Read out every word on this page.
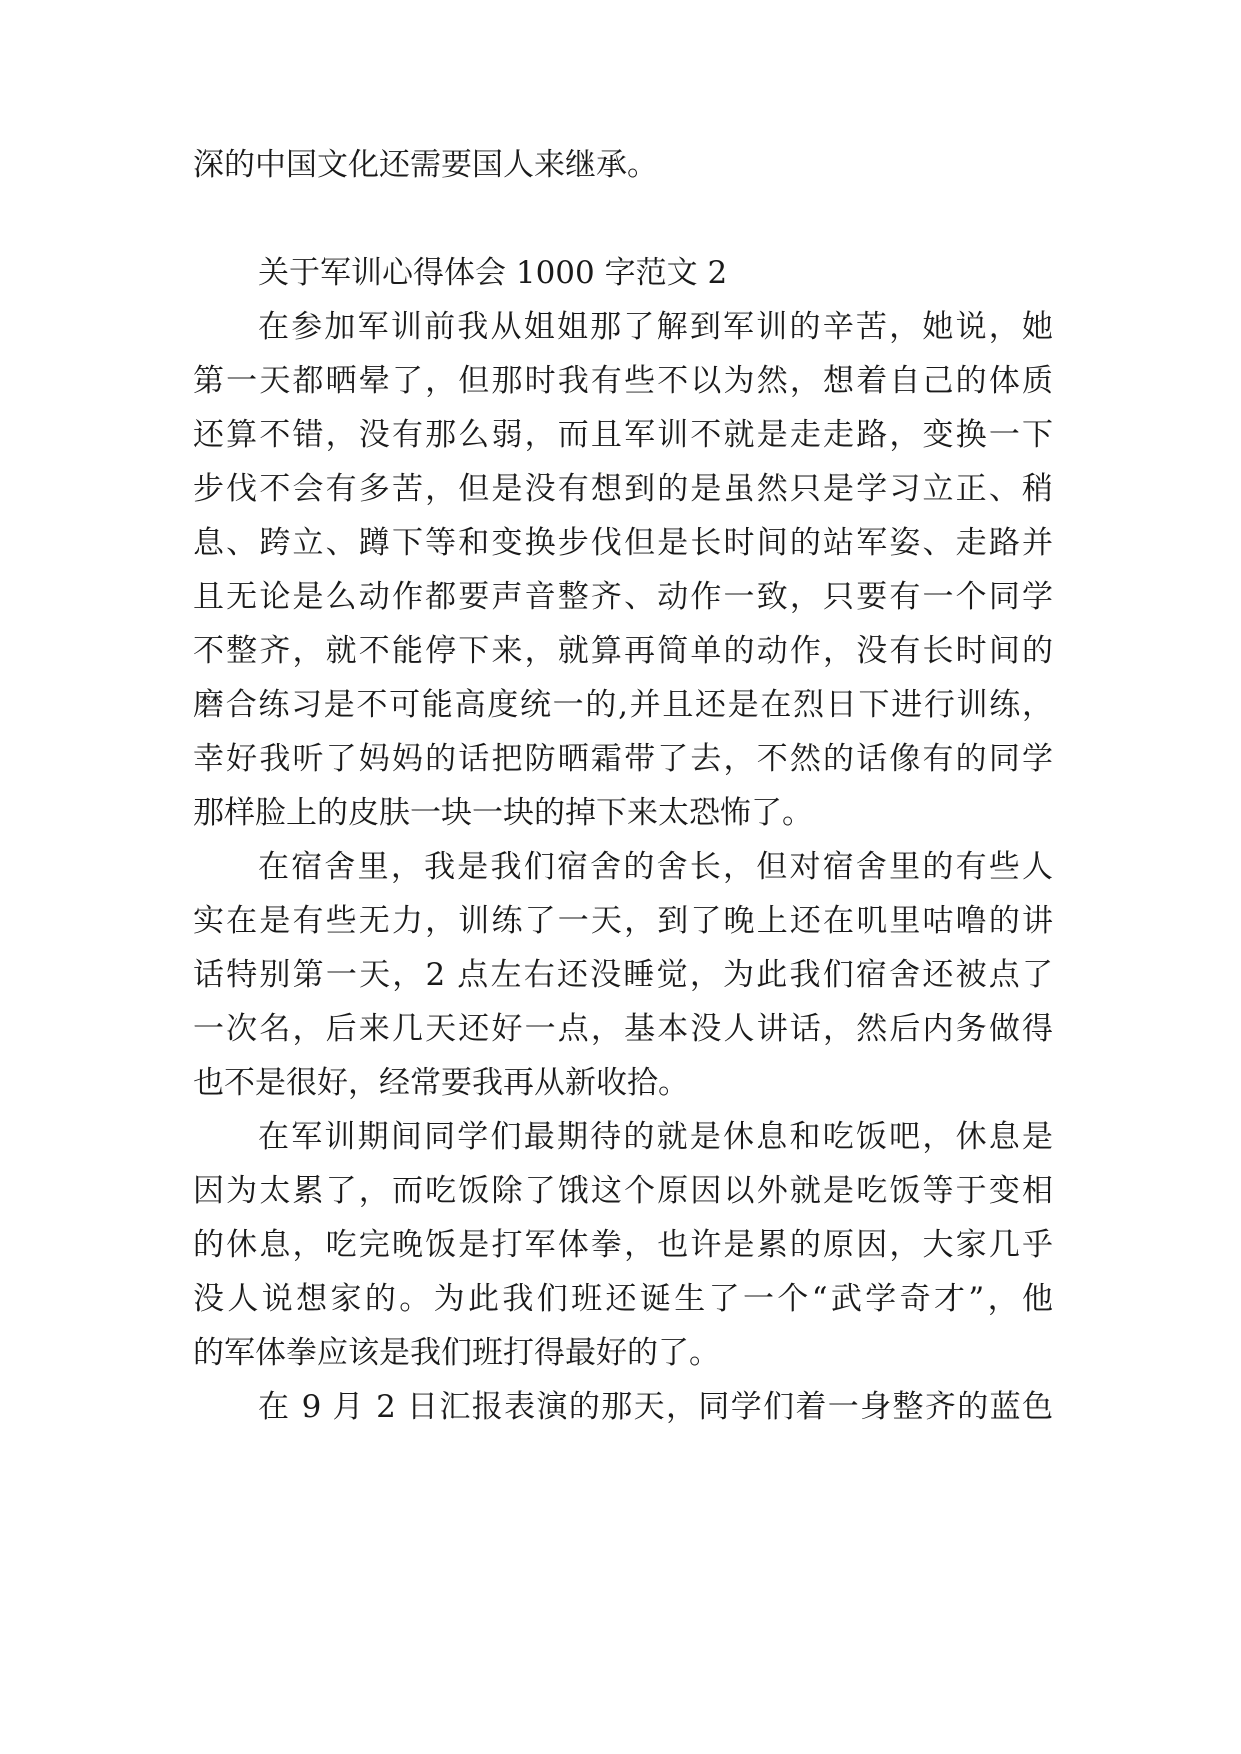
深的中国文化还需要国人来继承。
关于军训心得体会 1000 字范文 2
在参加军训前我从姐姐那了解到军训的辛苦，她说，她
第一天都晒晕了，但那时我有些不以为然，想着自己的体质
还算不错，没有那么弱，而且军训不就是走走路，变换一下
步伐不会有多苦，但是没有想到的是虽然只是学习立正、稍
息、跨立、蹲下等和变换步伐但是长时间的站军姿、走路并
且无论是么动作都要声音整齐、动作一致，只要有一个同学
不整齐，就不能停下来，就算再简单的动作，没有长时间的
磨合练习是不可能高度统一的,并且还是在烈日下进行训练，
幸好我听了妈妈的话把防晒霜带了去，不然的话像有的同学
那样脸上的皮肤一块一块的掉下来太恐怖了。
在宿舍里，我是我们宿舍的舍长，但对宿舍里的有些人
实在是有些无力，训练了一天，到了晚上还在叽里咕噜的讲
话特别第一天，2 点左右还没睡觉，为此我们宿舍还被点了
一次名，后来几天还好一点，基本没人讲话，然后内务做得
也不是很好，经常要我再从新收拾。
在军训期间同学们最期待的就是休息和吃饭吧，休息是
因为太累了，而吃饭除了饿这个原因以外就是吃饭等于变相
的休息，吃完晚饭是打军体拳，也许是累的原因，大家几乎
没人说想家的。为此我们班还诞生了一个“武学奇才”，他
的军体拳应该是我们班打得最好的了。
在 9 月 2 日汇报表演的那天，同学们着一身整齐的蓝色
